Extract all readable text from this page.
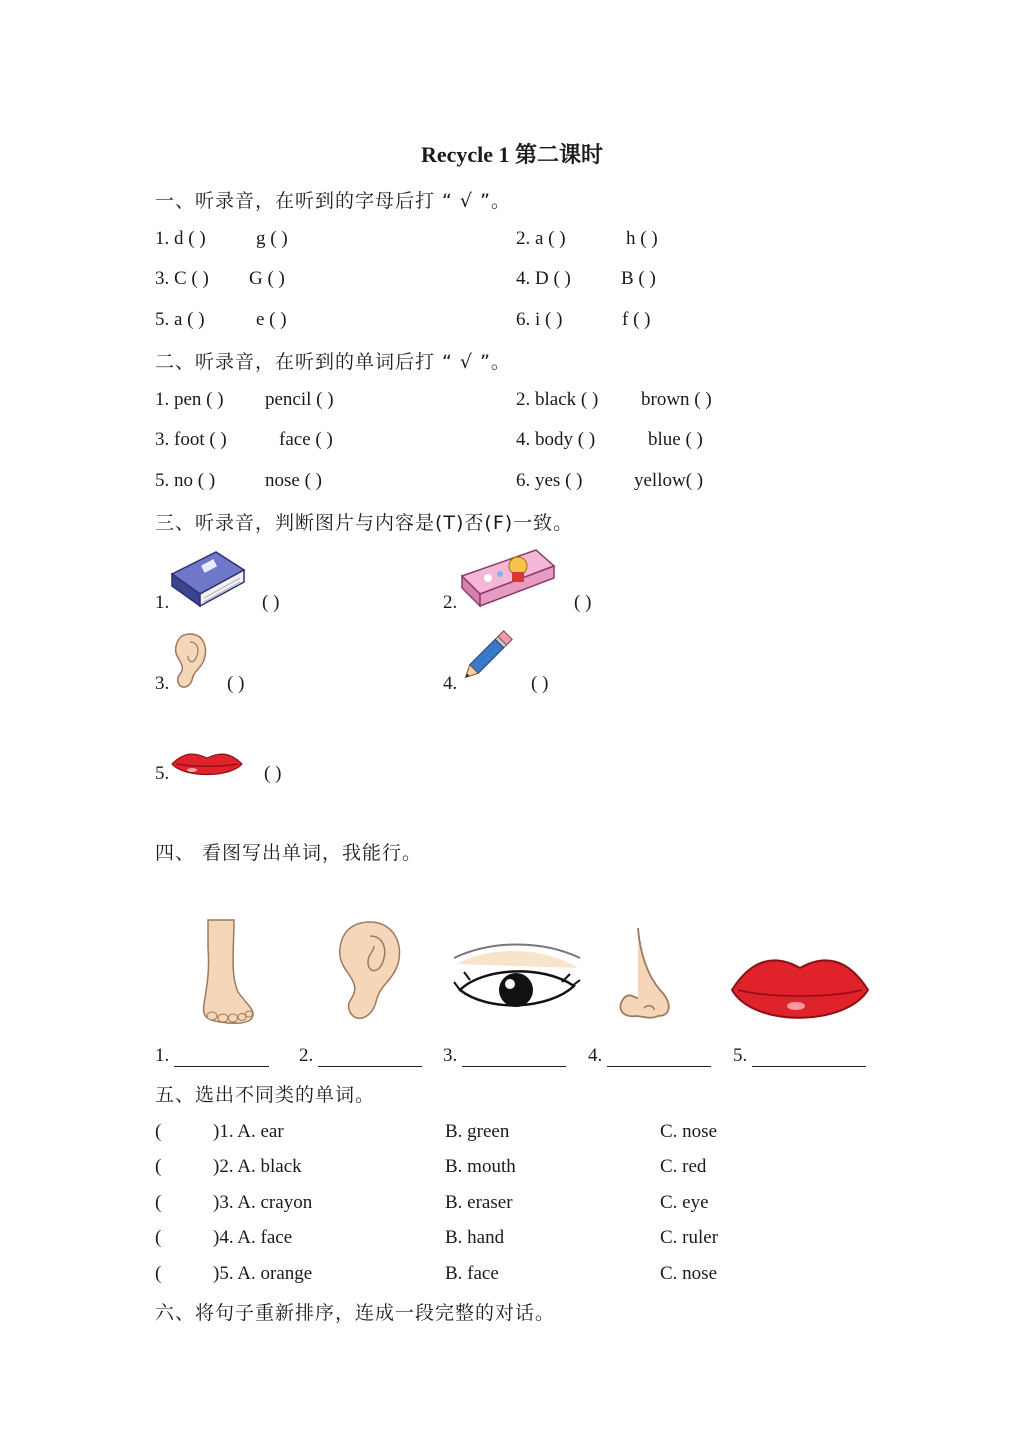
Recycle 1 第二课时
一、听录音，在听到的字母后打 “ √ ”。
1. d ( )	g ( )	2. a ( )	h ( )
3. C ( ) G ( )	4. D ( )	B ( )
5. a ( )	e ( )	6. i ( )	f ( )
二、听录音，在听到的单词后打 “ √ ”。
1. pen ( ) pencil ( )	2. black ( ) brown ( )
3. foot ( )	face ( )	4. body ( )	blue ( )
5. no ( )	nose ( )	6. yes ( )	yellow( )
三、听录音，判断图片与内容是(T)否(F)一致。
1.	( )	2.	( )
3.	( )	4.	( )
5.	( )
四、 看图写出单词，我能行。
1.	2.	3.	4.	5.
五、选出不同类的单词。
(	)1. A. ear	B. green	C. nose
(	)2. A. black	B. mouth	C. red
(	)3. A. crayon	B. eraser	C. eye
(	)4. A. face	B. hand	C. ruler
(	)5. A. orange	B. face	C. nose
六、将句子重新排序，连成一段完整的对话。
